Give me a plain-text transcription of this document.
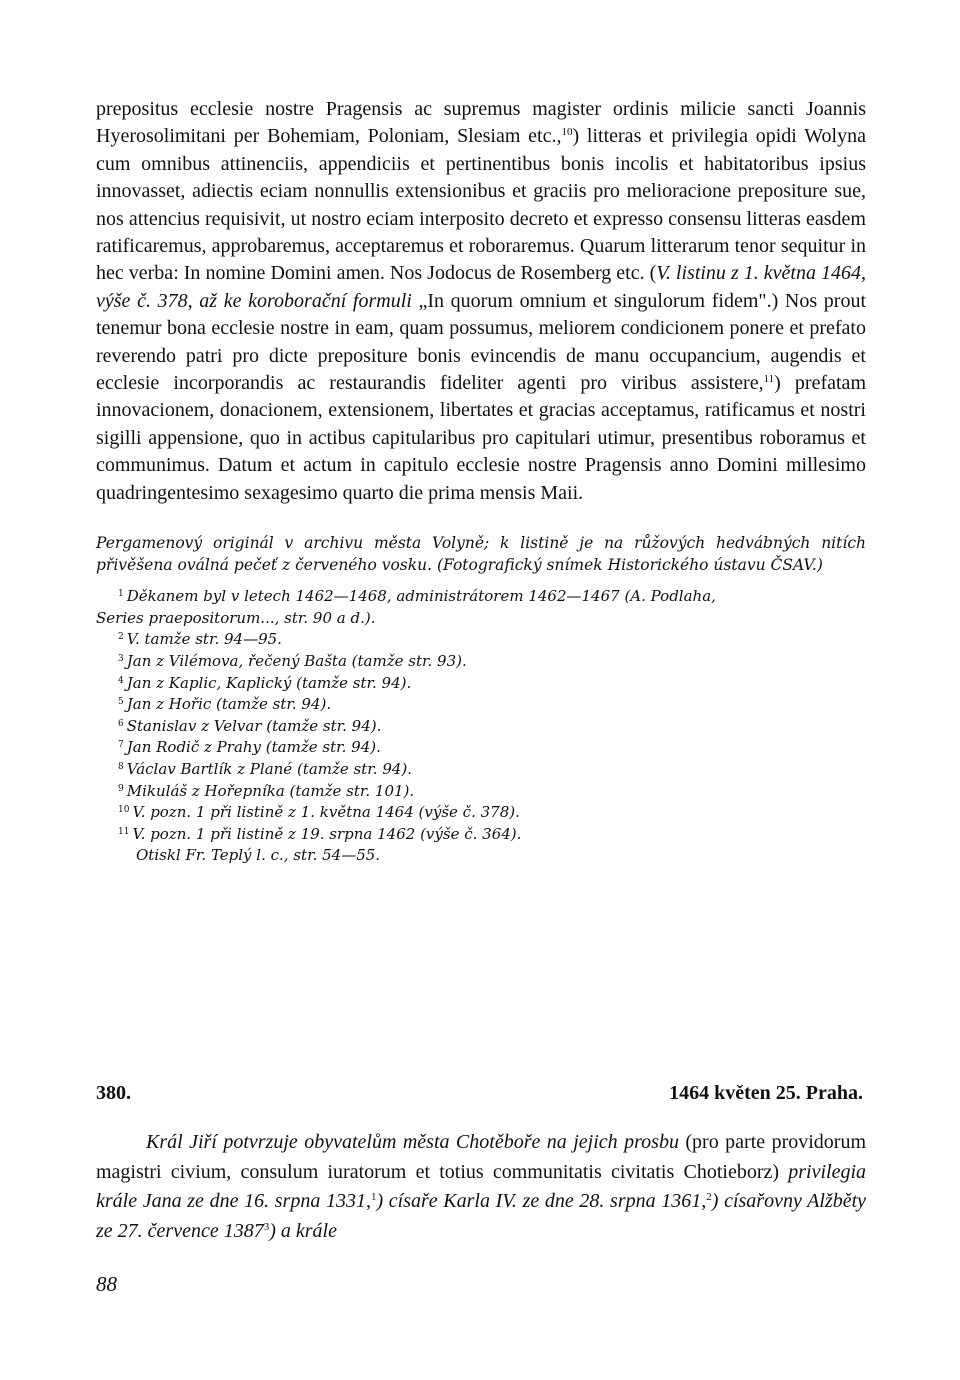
prepositus ecclesie nostre Pragensis ac supremus magister ordinis milicie sancti Joannis Hyerosolimitani per Bohemiam, Poloniam, Slesiam etc.,$^{10}$) litteras et privilegia opidi Wolyna cum omnibus attinenciis, appendiciis et pertinentibus bonis incolis et habitatoribus ipsius innovasset, adiectis eciam nonnullis extensionibus et graciis pro melioracione prepositure sue, nos attencius requisivit, ut nostro eciam interposito decreto et expresso consensu litteras easdem ratificaremus, approbaremus, acceptaremus et roboraremus. Quarum litterarum tenor sequitur in hec verba: In nomine Domini amen. Nos Jodocus de Rosemberg etc. (V. listinu z 1. května 1464, výše č. 378, až ke koroborační formuli „In quorum omnium et singulorum fidem".) Nos prout tenemur bona ecclesie nostre in eam, quam possumus, meliorem condicionem ponere et prefato reverendo patri pro dicte prepositure bonis evincendis de manu occupancium, augendis et ecclesie incorporandis ac restaurandis fideliter agenti pro viribus assistere,$^{11}$) prefatam innovacionem, donacionem, extensionem, libertates et gracias acceptamus, ratificamus et nostri sigilli appensione, quo in actibus capitularibus pro capitulari utimur, presentibus roboramus et communimus. Datum et actum in capitulo ecclesie nostre Pragensis anno Domini millesimo quadringentesimo sexagesimo quarto die prima mensis Maii.

Pergamenový originál v archivu města Volyně; k listině je na růžových hedvábných nitích přivěšena oválná pečeť z červeného vosku. (Fotografický snímek Historického ústavu ČSAV.)

$^1$ Děkanem byl v letech 1462—1468, administrátorem 1462—1467 (A. Podlaha,

Series praepositorum..., str. 90 a d.).

$^2$ V. tamže str. 94—95.

$^3$ Jan z Vilémova, řečený Bašta (tamže str. 93).

$^4$ Jan z Kaplic, Kaplický (tamže str. 94).

$^5$ Jan z Hořic (tamže str. 94).

$^6$ Stanislav z Velvar (tamže str. 94).

$^7$ Jan Rodič z Prahy (tamže str. 94).

$^8$ Václav Bartlík z Plané (tamže str. 94).

$^9$ Mikuláš z Hořepníka (tamže str. 101).

$^{10}$ V. pozn. 1 při listině z 1. května 1464 (výše č. 378).

$^{11}$ V. pozn. 1 při listině z 19. srpna 1462 (výše č. 364).

Otiskl Fr. Teplý l. c., str. 54—55.

380.	1464 květen 25. Praha.

Král Jiří potvrzuje obyvatelům města Chotěboře na jejich prosbu (pro parte providorum magistri civium, consulum iuratorum et totius communitatis civitatis Chotieborz) privilegia krále Jana ze dne 16. srpna 1331,$^1$) císaře Karla IV. ze dne 28. srpna 1361,$^2$) císařovny Alžběty ze 27. července 1387$^3$) a krále

88
